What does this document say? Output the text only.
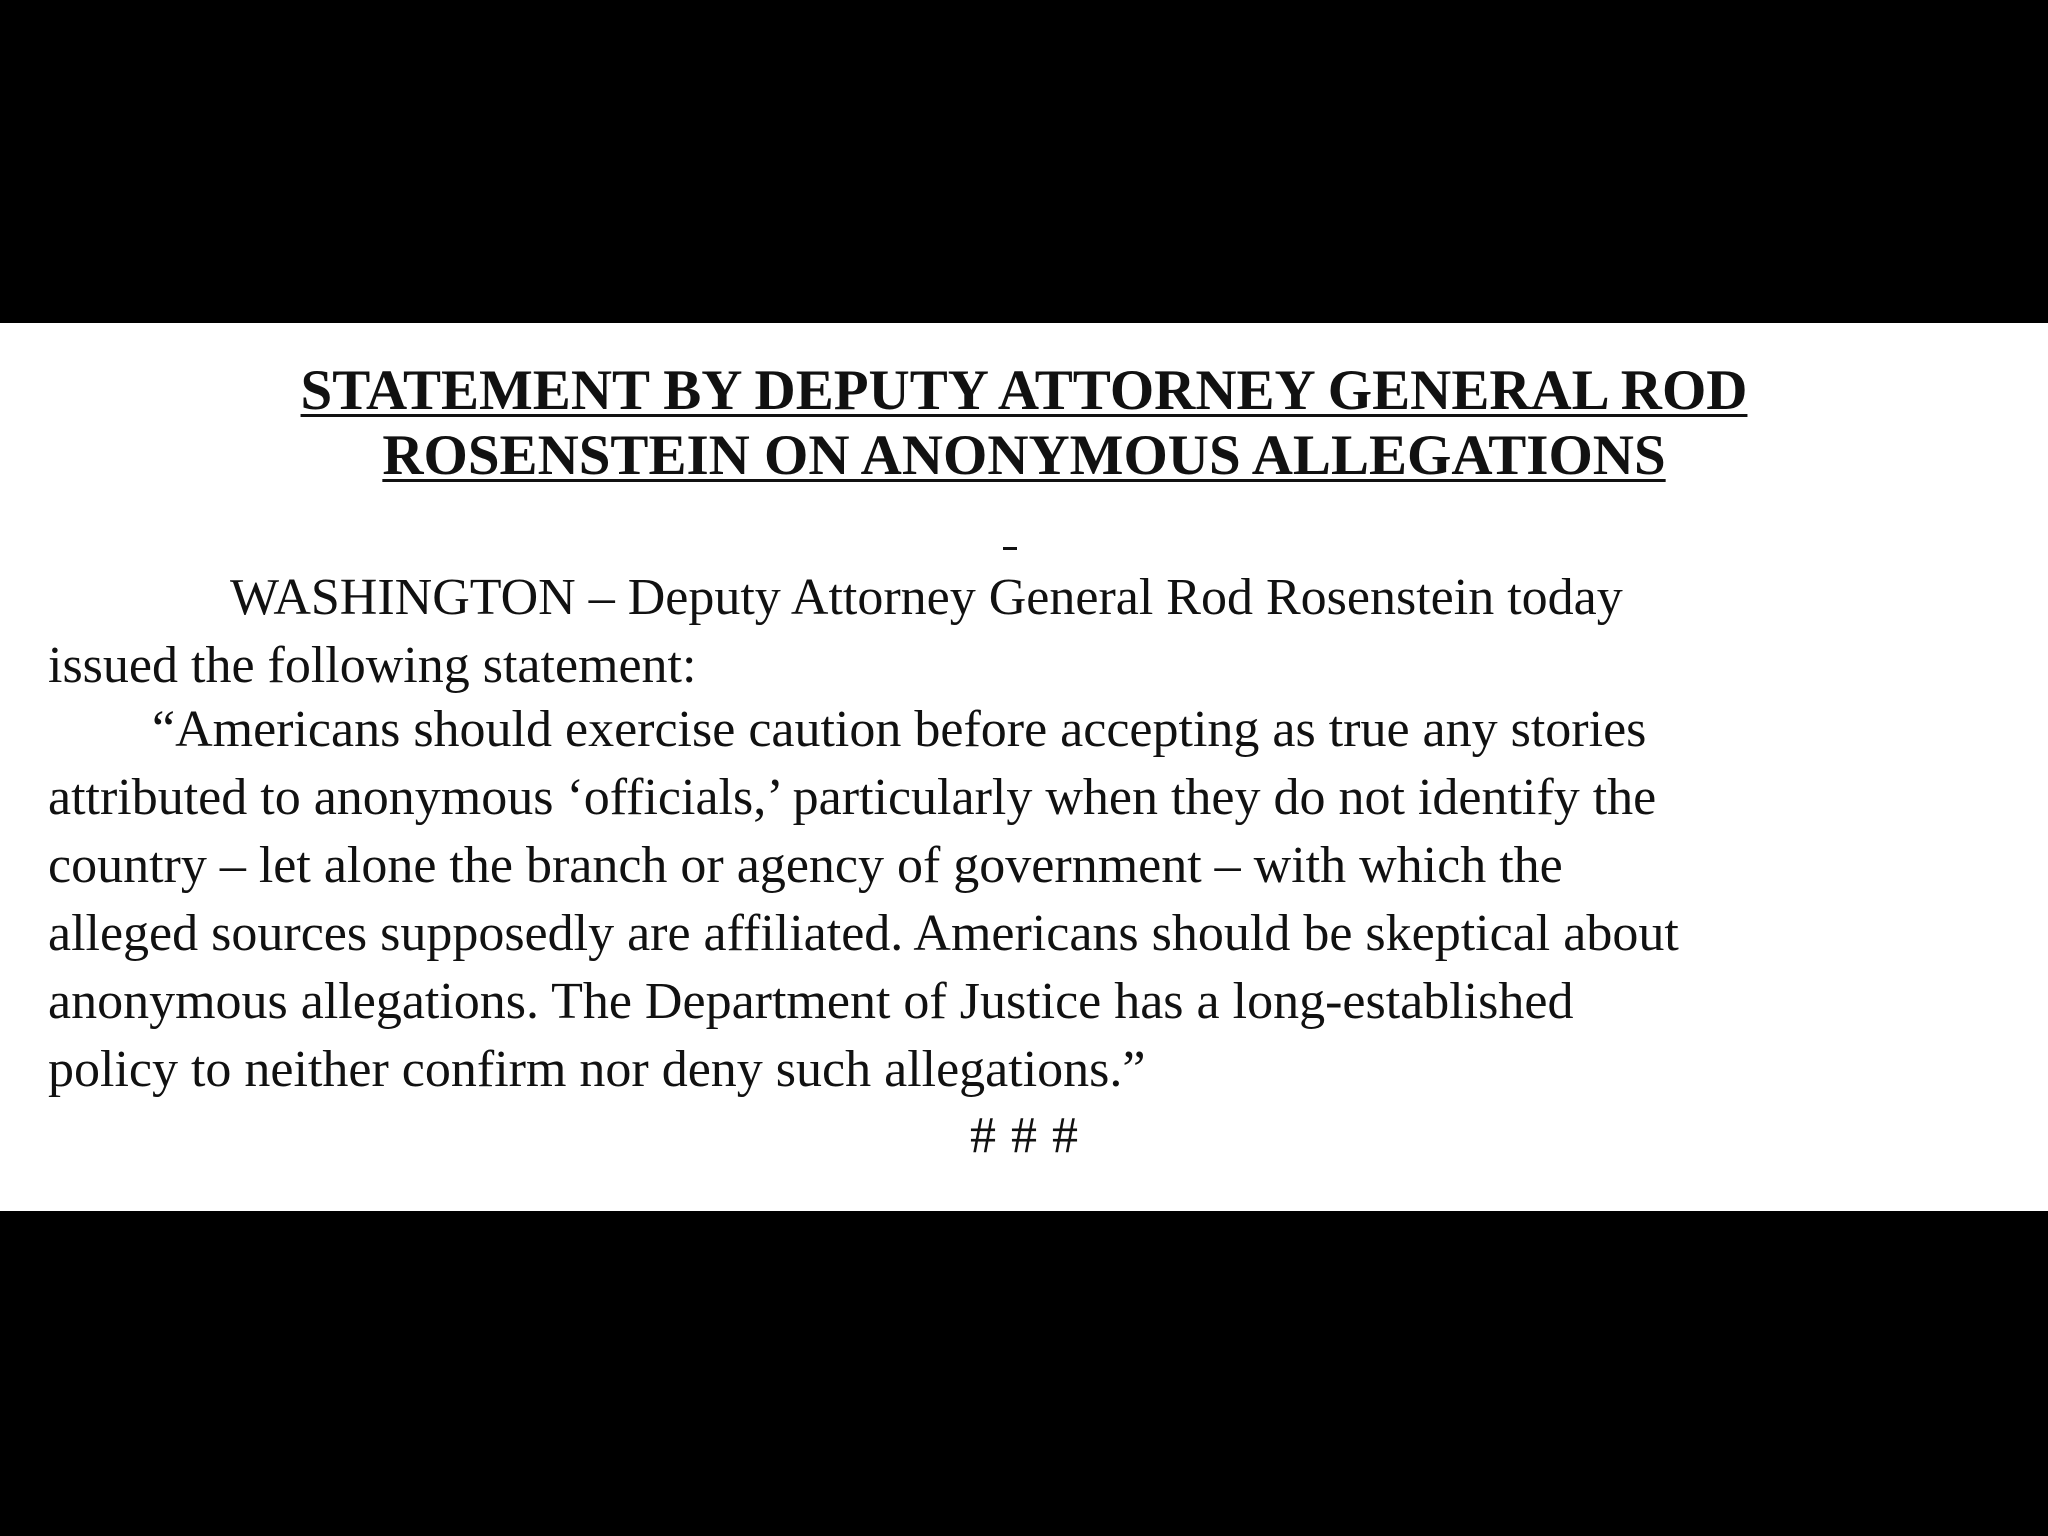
STATEMENT BY DEPUTY ATTORNEY GENERAL ROD
ROSENSTEIN ON ANONYMOUS ALLEGATIONS

WASHINGTON – Deputy Attorney General Rod Rosenstein today

issued the following statement:

“Americans should exercise caution before accepting as true any stories

attributed to anonymous ‘officials,’ particularly when they do not identify the

country – let alone the branch or agency of government – with which the

alleged sources supposedly are affiliated. Americans should be skeptical about

anonymous allegations. The Department of Justice has a long-established

policy to neither confirm nor deny such allegations.”

# # #
